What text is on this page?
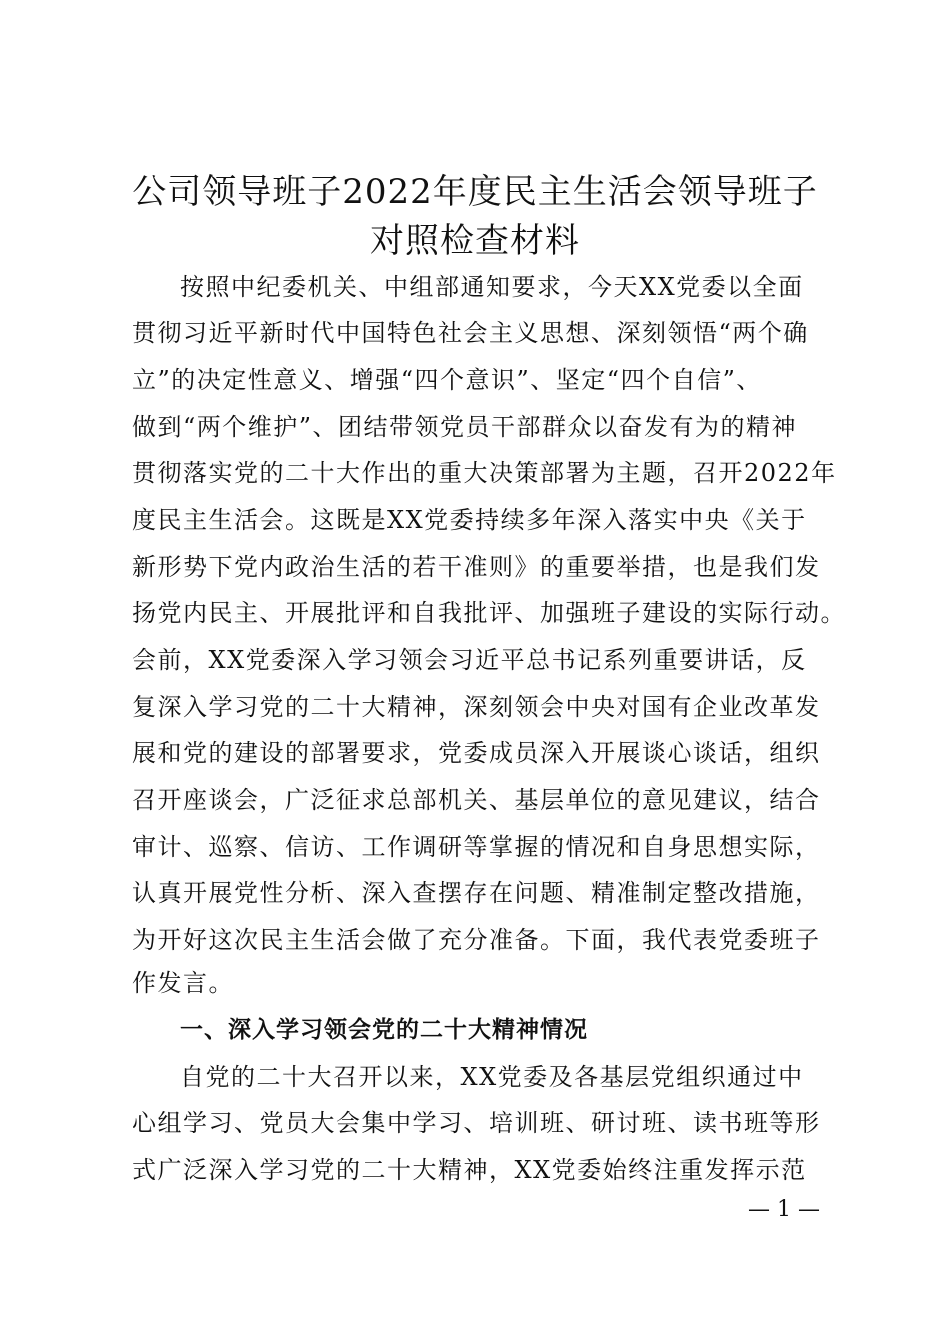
公司领导班子2022年度民主生活会领导班子
对照检查材料
按照中纪委机关、中组部通知要求，今天XX党委以全面
贯彻习近平新时代中国特色社会主义思想、深刻领悟“两个确
立”的决定性意义、增强“四个意识”、坚定“四个自信”、
做到“两个维护”、团结带领党员干部群众以奋发有为的精神
贯彻落实党的二十大作出的重大决策部署为主题，召开2022年
度民主生活会。这既是XX党委持续多年深入落实中央《关于
新形势下党内政治生活的若干准则》的重要举措，也是我们发
扬党内民主、开展批评和自我批评、加强班子建设的实际行动。
会前，XX党委深入学习领会习近平总书记系列重要讲话，反
复深入学习党的二十大精神，深刻领会中央对国有企业改革发
展和党的建设的部署要求，党委成员深入开展谈心谈话，组织
召开座谈会，广泛征求总部机关、基层单位的意见建议，结合
审计、巡察、信访、工作调研等掌握的情况和自身思想实际，
认真开展党性分析、深入查摆存在问题、精准制定整改措施，
为开好这次民主生活会做了充分准备。下面，我代表党委班子
作发言。
一、深入学习领会党的二十大精神情况
自党的二十大召开以来，XX党委及各基层党组织通过中
心组学习、党员大会集中学习、培训班、研讨班、读书班等形
式广泛深入学习党的二十大精神，XX党委始终注重发挥示范
— 1 —
